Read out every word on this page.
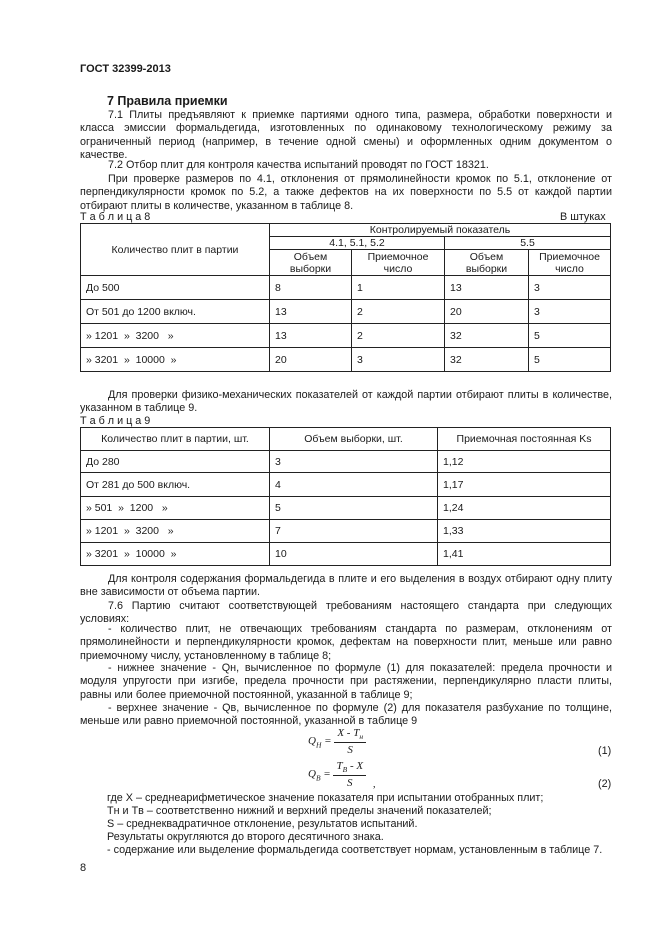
ГОСТ 32399-2013
7 Правила приемки
7.1 Плиты предъявляют к приемке партиями одного типа, размера, обработки поверхности и класса эмиссии формальдегида, изготовленных по одинаковому технологическому режиму за ограниченный период (например, в течение одной смены) и оформленных одним документом о качестве.
7.2 Отбор плит для контроля качества испытаний проводят по ГОСТ 18321.
При проверке размеров по 4.1, отклонения от прямолинейности кромок по 5.1, отклонение от перпендикулярности кромок по 5.2, а также дефектов на их поверхности по 5.5 от каждой партии отбирают плиты в количестве, указанном в таблице 8.
Т а б л и ц а 8	В штуках
Количество плит в партии	Контролируемый показатель			
	4.1, 5.1, 5.2		5.5	
	Объем выборки	Приемочное число	Объем выборки	Приемочное число
До 500	8	1	13	3
От 501 до 1200 включ.	13	2	20	3
» 1201  »  3200   »	13	2	32	5
» 3201  »  10000  »	20	3	32	5
Для проверки физико-механических показателей от каждой партии отбирают плиты в количестве, указанном в таблице 9.
Т а б л и ц а 9
Количество плит в партии, шт.	Объем выборки, шт.	Приемочная постоянная Ks
До 280	3	1,12
От 281 до 500 включ.	4	1,17
» 501  »  1200   »	5	1,24
» 1201  »  3200   »	7	1,33
» 3201  »  10000  »	10	1,41
Для контроля содержания формальдегида в плите и его выделения в воздух отбирают одну плиту вне зависимости от объема партии.
7.6 Партию считают соответствующей требованиям настоящего стандарта при следующих условиях:
- количество плит, не отвечающих требованиям стандарта по размерам, отклонениям от прямолинейности и перпендикулярности кромок, дефектам на поверхности плит, меньше или равно приемочному числу, установленному в таблице 8;
- нижнее значение - Qн, вычисленное по формуле (1) для показателей: предела прочности и модуля упругости при изгибе, предела прочности при растяжении, перпендикулярно пласти плиты, равны или более приемочной постоянной, указанной в таблице 9;
- верхнее значение - Qв, вычисленное по формуле (2) для показателя разбухание по толщине, меньше или равно приемочной постоянной, указанной в таблице 9
$Q_H = \frac{X - T_н}{S}$	(1)
$Q_B = \frac{T_B - X}{S}$ ,	(2)
где X – среднеарифметическое значение показателя при испытании отобранных плит;
Tн и Tв – соответственно нижний и верхний пределы значений показателей;
S – среднеквадратичное отклонение, результатов испытаний.
Результаты округляются до второго десятичного знака.
- содержание или выделение формальдегида соответствует нормам, установленным в таблице 7.
8
